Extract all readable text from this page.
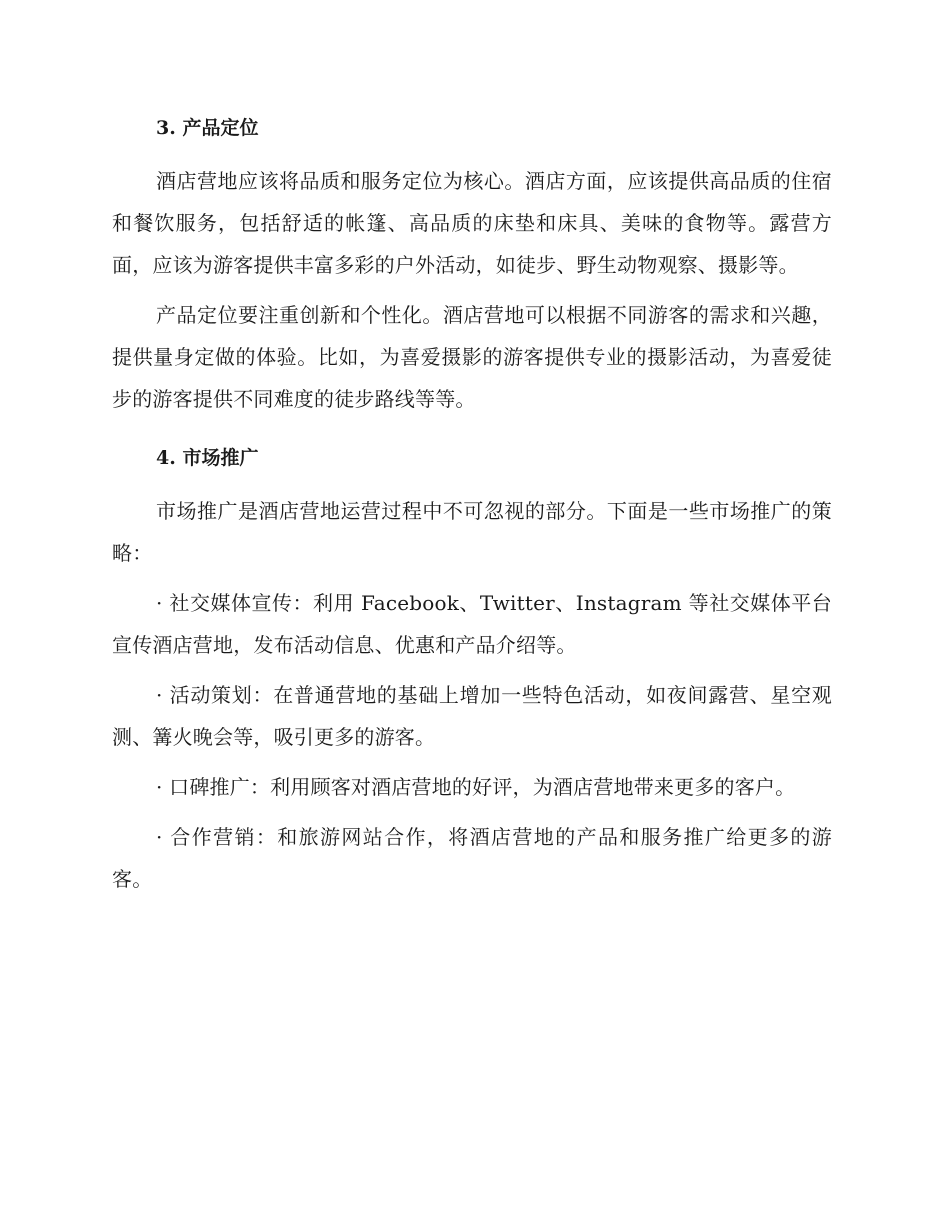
3. 产品定位

酒店营地应该将品质和服务定位为核心。酒店方面，应该提供高品质的住宿和餐饮服务，包括舒适的帐篷、高品质的床垫和床具、美味的食物等。露营方面，应该为游客提供丰富多彩的户外活动，如徒步、野生动物观察、摄影等。

产品定位要注重创新和个性化。酒店营地可以根据不同游客的需求和兴趣，提供量身定做的体验。比如，为喜爱摄影的游客提供专业的摄影活动，为喜爱徒步的游客提供不同难度的徒步路线等等。

4. 市场推广

市场推广是酒店营地运营过程中不可忽视的部分。下面是一些市场推广的策略：

· 社交媒体宣传：利用 Facebook、Twitter、Instagram 等社交媒体平台宣传酒店营地，发布活动信息、优惠和产品介绍等。

· 活动策划：在普通营地的基础上增加一些特色活动，如夜间露营、星空观测、篝火晚会等，吸引更多的游客。

· 口碑推广：利用顾客对酒店营地的好评，为酒店营地带来更多的客户。

· 合作营销：和旅游网站合作，将酒店营地的产品和服务推广给更多的游客。
